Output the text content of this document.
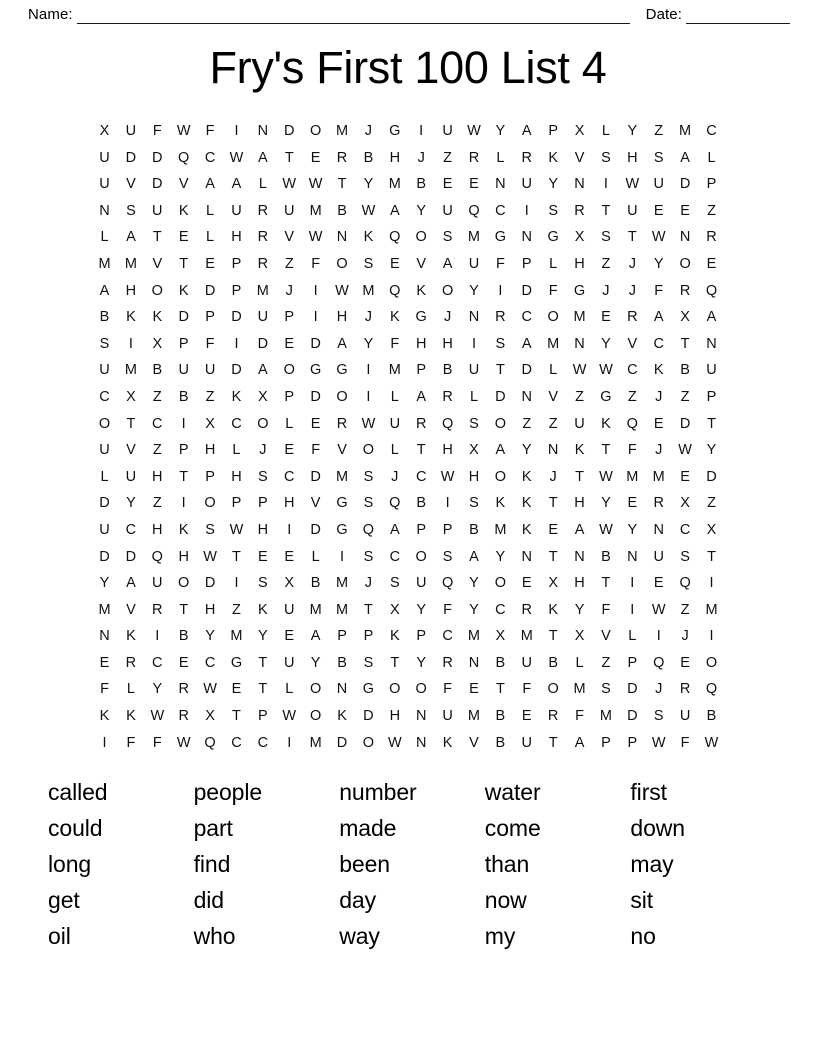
Name:	Date:
Fry's First 100 List 4
X	U	F	W	F	I	N	D	O	M	J	G	I	U	W	Y	A	P	X	L	Y	Z	M	C
U	D	D	Q	C	W	A	T	E	R	B	H	J	Z	R	L	R	K	V	S	H	S	A	L
U	V	D	V	A	A	L	W	W	T	Y	M	B	E	E	N	U	Y	N	I	W	U	D	P
N	S	U	K	L	U	R	U	M	B	W	A	Y	U	Q	C	I	S	R	T	U	E	E	Z
L	A	T	E	L	H	R	V	W	N	K	Q	O	S	M	G	N	G	X	S	T	W	N	R
M	M	V	T	E	P	R	Z	F	O	S	E	V	A	U	F	P	L	H	Z	J	Y	O	E
A	H	O	K	D	P	M	J	I	W	M	Q	K	O	Y	I	D	F	G	J	J	F	R	Q
B	K	K	D	P	D	U	P	I	H	J	K	G	J	N	R	C	O	M	E	R	A	X	A
S	I	X	P	F	I	D	E	D	A	Y	F	H	H	I	S	A	M	N	Y	V	C	T	N
U	M	B	U	U	D	A	O	G	G	I	M	P	B	U	T	D	L	W	W	C	K	B	U
C	X	Z	B	Z	K	X	P	D	O	I	L	A	R	L	D	N	V	Z	G	Z	J	Z	P
O	T	C	I	X	C	O	L	E	R	W	U	R	Q	S	O	Z	Z	U	K	Q	E	D	T
U	V	Z	P	H	L	J	E	F	V	O	L	T	H	X	A	Y	N	K	T	F	J	W	Y
L	U	H	T	P	H	S	C	D	M	S	J	C	W	H	O	K	J	T	W	M	M	E	D
D	Y	Z	I	O	P	P	H	V	G	S	Q	B	I	S	K	K	T	H	Y	E	R	X	Z
U	C	H	K	S	W	H	I	D	G	Q	A	P	P	B	M	K	E	A	W	Y	N	C	X
D	D	Q	H	W	T	E	E	L	I	S	C	O	S	A	Y	N	T	N	B	N	U	S	T
Y	A	U	O	D	I	S	X	B	M	J	S	U	Q	Y	O	E	X	H	T	I	E	Q	I
M	V	R	T	H	Z	K	U	M	M	T	X	Y	F	Y	C	R	K	Y	F	I	W	Z	M
N	K	I	B	Y	M	Y	E	A	P	P	K	P	C	M	X	M	T	X	V	L	I	J	I
E	R	C	E	C	G	T	U	Y	B	S	T	Y	R	N	B	U	B	L	Z	P	Q	E	O
F	L	Y	R	W	E	T	L	O	N	G	O	O	F	E	T	F	O	M	S	D	J	R	Q
K	K	W	R	X	T	P	W	O	K	D	H	N	U	M	B	E	R	F	M	D	S	U	B
I	F	F	W	Q	C	C	I	M	D	O	W	N	K	V	B	U	T	A	P	P	W	F	W
called	people	number	water	first
could	part	made	come	down
long	find	been	than	may
get	did	day	now	sit
oil	who	way	my	no
